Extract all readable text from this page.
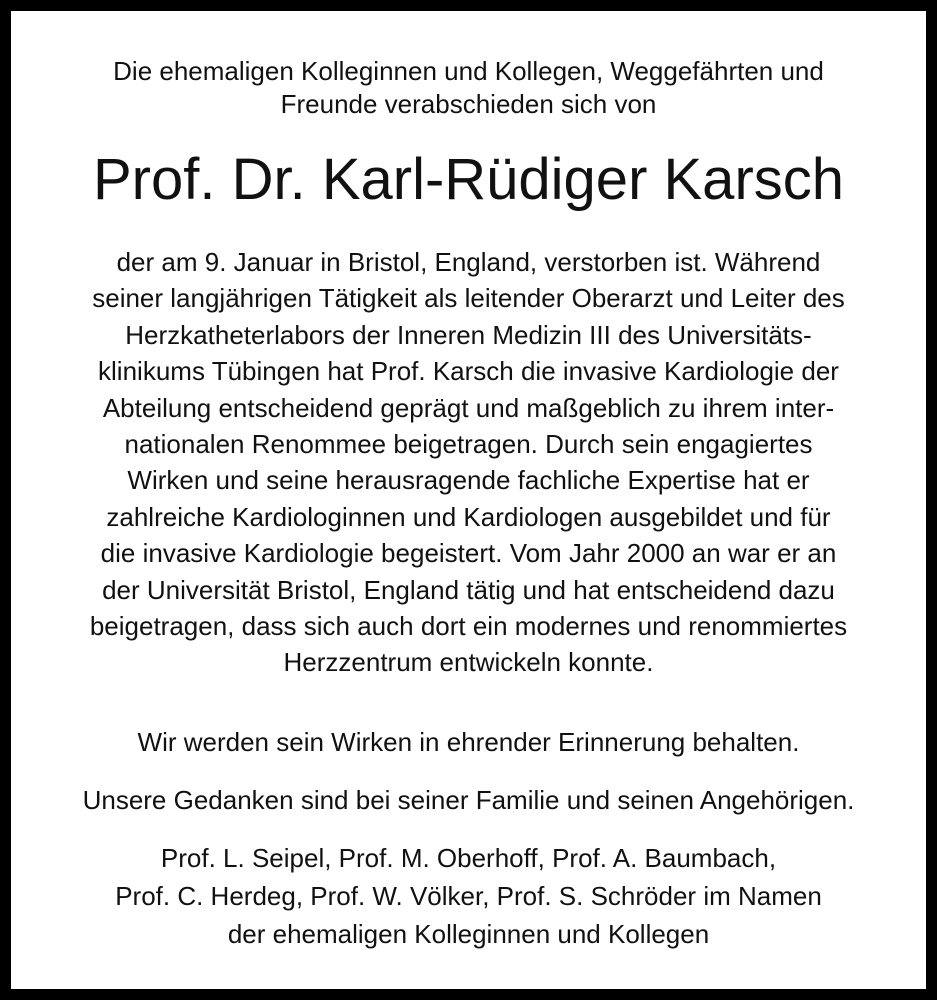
Die ehemaligen Kolleginnen und Kollegen, Weggefährten und
Freunde verabschieden sich von
Prof. Dr. Karl-Rüdiger Karsch
der am 9. Januar in Bristol, England, verstorben ist. Während
seiner langjährigen Tätigkeit als leitender Oberarzt und Leiter des
Herzkatheterlabors der Inneren Medizin III des Universitäts-
klinikums Tübingen hat Prof. Karsch die invasive Kardiologie der
Abteilung entscheidend geprägt und maßgeblich zu ihrem inter-
nationalen Renommee beigetragen. Durch sein engagiertes
Wirken und seine herausragende fachliche Expertise hat er
zahlreiche Kardiologinnen und Kardiologen ausgebildet und für
die invasive Kardiologie begeistert. Vom Jahr 2000 an war er an
der Universität Bristol, England tätig und hat entscheidend dazu
beigetragen, dass sich auch dort ein modernes und renommiertes
Herzzentrum entwickeln konnte.
Wir werden sein Wirken in ehrender Erinnerung behalten.
Unsere Gedanken sind bei seiner Familie und seinen Angehörigen.
Prof. L. Seipel, Prof. M. Oberhoff, Prof. A. Baumbach,
Prof. C. Herdeg, Prof. W. Völker, Prof. S. Schröder im Namen
der ehemaligen Kolleginnen und Kollegen
